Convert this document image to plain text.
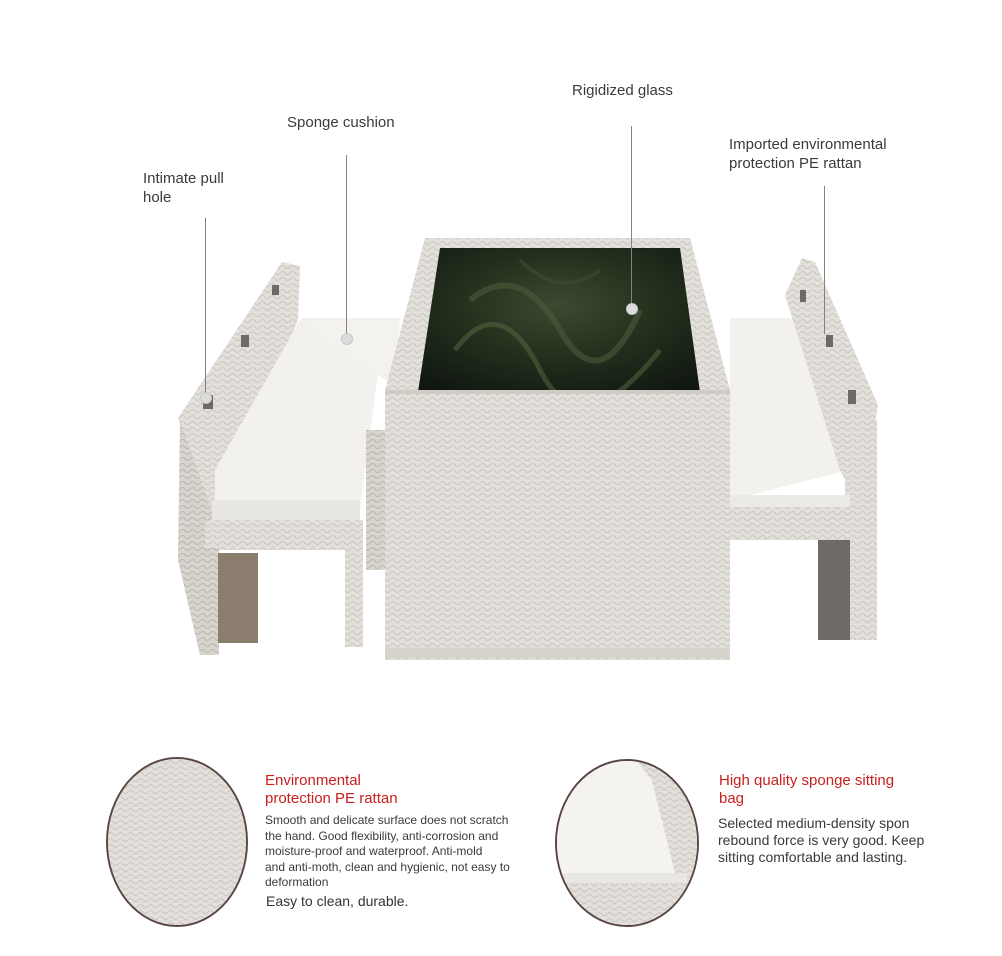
Intimate pull
hole
Sponge cushion
Rigidized glass
Imported environmental
protection PE rattan
Environmental
protection PE rattan
Smooth and delicate surface does not scratch
the hand. Good flexibility, anti-corrosion and
moisture-proof and waterproof. Anti-mold
and anti-moth, clean and hygienic, not easy to
deformation
Easy to clean, durable.
High quality sponge sitting
bag
Selected medium-density spon
rebound force is very good. Keep
sitting comfortable and lasting.
